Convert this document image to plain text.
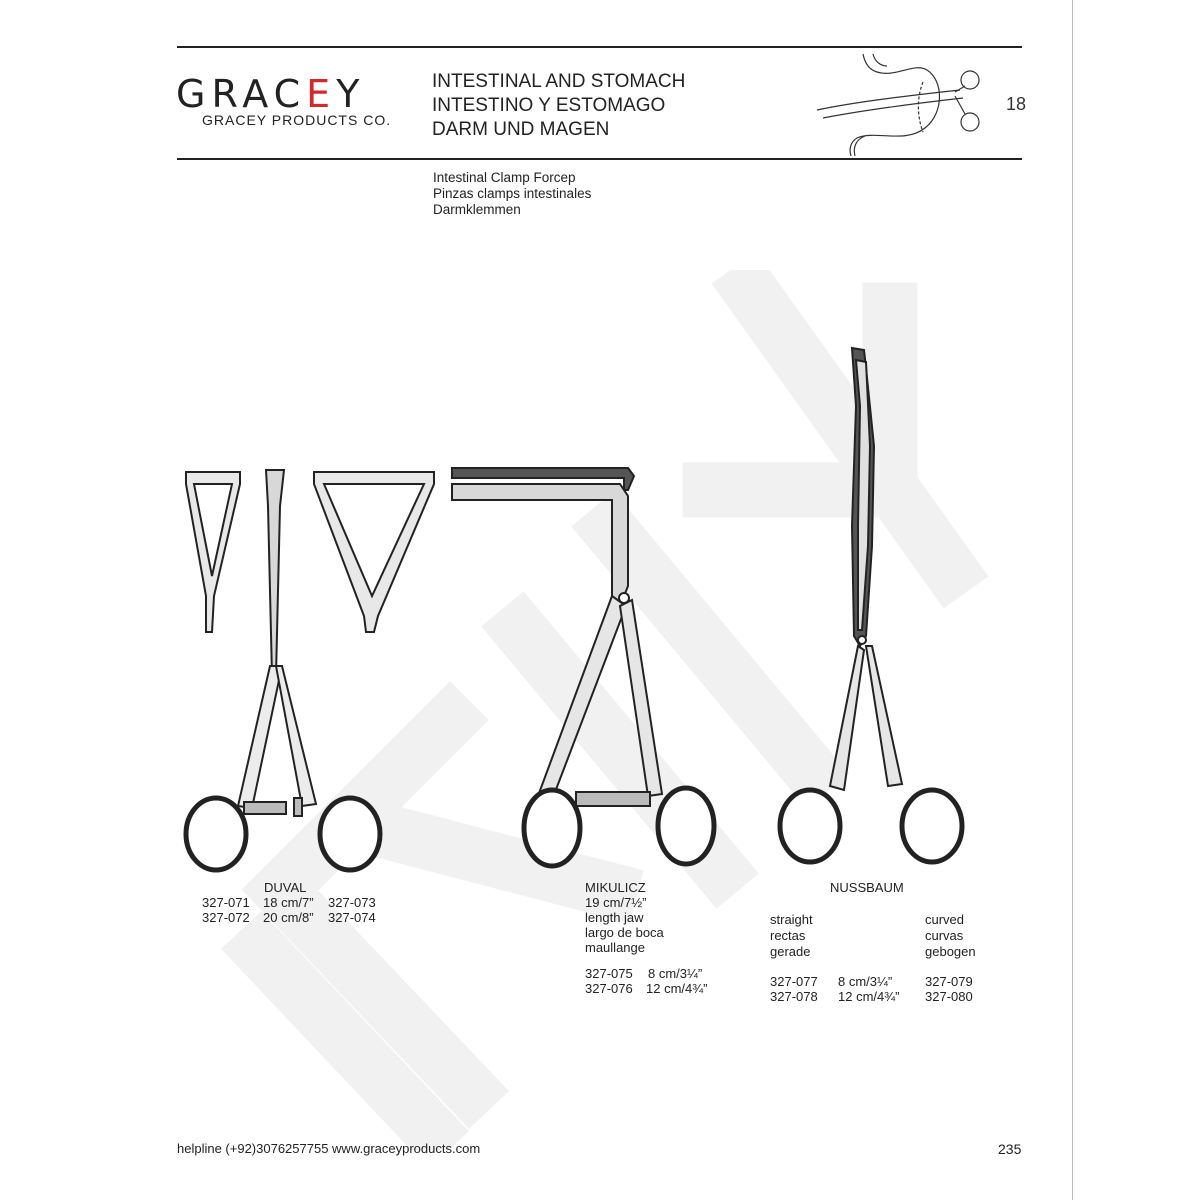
GRACEY
GRACEY PRODUCTS CO.
INTESTINAL AND STOMACH
INTESTINO Y ESTOMAGO
DARM UND MAGEN
18
Intestinal Clamp Forcep
Pinzas clamps intestinales
Darmklemmen
DUVAL
327-071 18 cm/7” 327-073
327-072 20 cm/8” 327-074
MIKULICZ
19 cm/7½”
length jaw
largo de boca
maullange
327-075 8 cm/3¼”
327-076 12 cm/4¾”
NUSSBAUM
straight
rectas
gerade
curved
curvas
gebogen
327-077 8 cm/3¼”	327-079
327-078 12 cm/4¾” 327-080
helpline (+92)3076257755 www.graceyproducts.com	235
